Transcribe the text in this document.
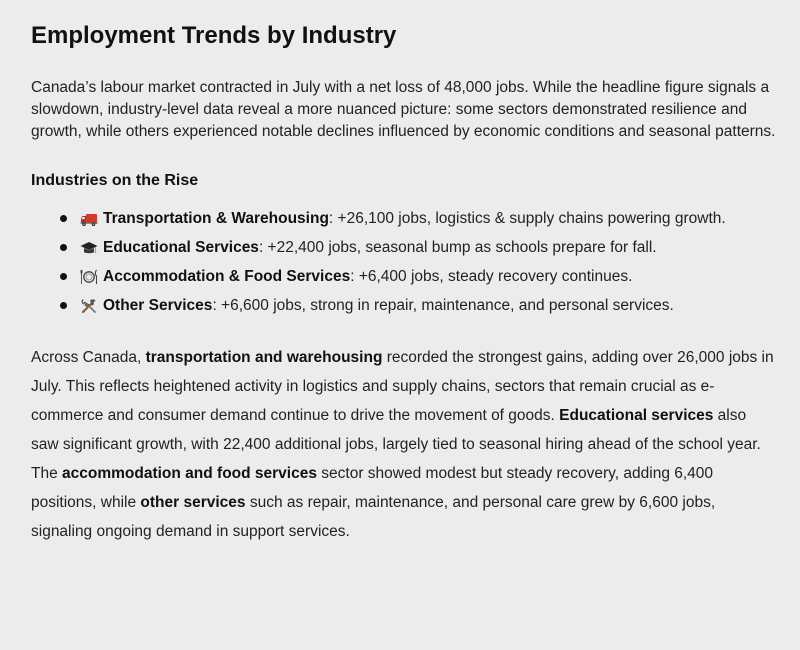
Employment Trends by Industry

Canada’s labour market contracted in July with a net loss of 48,000 jobs. While the headline figure signals a slowdown, industry-level data reveal a more nuanced picture: some sectors demonstrated resilience and growth, while others experienced notable declines influenced by economic conditions and seasonal patterns.

Industries on the Rise
Transportation & Warehousing: +26,100 jobs, logistics & supply chains powering growth.
Educational Services: +22,400 jobs, seasonal bump as schools prepare for fall.
Accommodation & Food Services: +6,400 jobs, steady recovery continues.
Other Services: +6,600 jobs, strong in repair, maintenance, and personal services.

Across Canada, transportation and warehousing recorded the strongest gains, adding over 26,000 jobs in July. This reflects heightened activity in logistics and supply chains, sectors that remain crucial as e-commerce and consumer demand continue to drive the movement of goods. Educational services also saw significant growth, with 22,400 additional jobs, largely tied to seasonal hiring ahead of the school year. The accommodation and food services sector showed modest but steady recovery, adding 6,400 positions, while other services such as repair, maintenance, and personal care grew by 6,600 jobs, signaling ongoing demand in support services.
